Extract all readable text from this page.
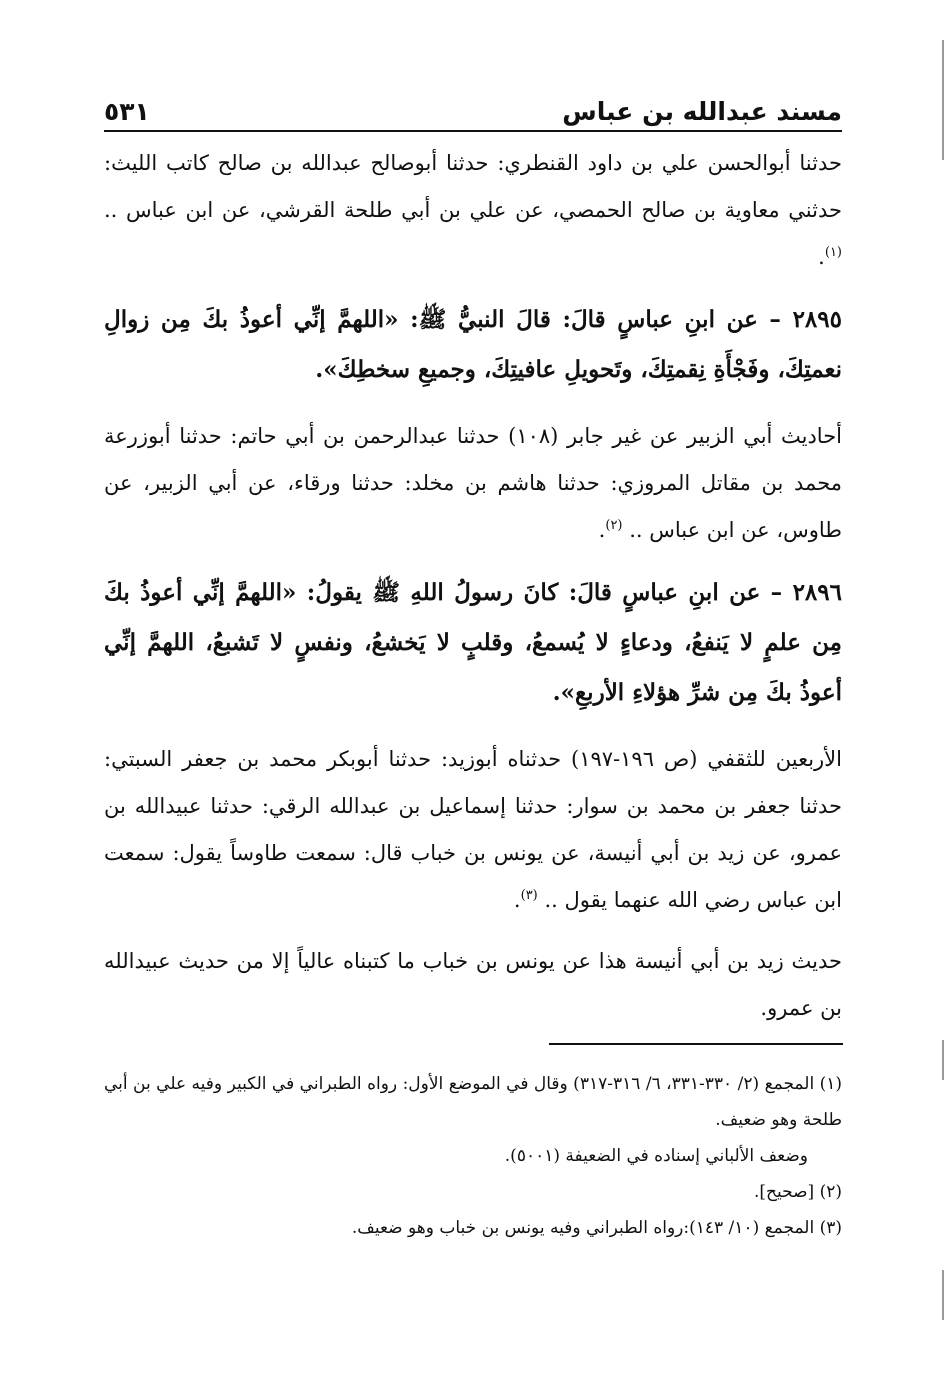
مسند عبدالله بن عباس
٥٣١

حدثنا أبوالحسن علي بن داود القنطري: حدثنا أبوصالح عبدالله بن صالح كاتب الليث: حدثني معاوية بن صالح الحمصي، عن علي بن أبي طلحة القرشي، عن ابن عباس .. $^{(١)}$.

٢٨٩٥ – عن ابنِ عباسٍ قالَ: قالَ النبيُّ ﷺ: «اللهمَّ إنِّي أعوذُ بكَ مِن زوالِ نعمتِكَ، وفَجْأَةِ نِقمتِكَ، وتَحويلِ عافيتِكَ، وجميعِ سخطِكَ».

أحاديث أبي الزبير عن غير جابر (١٠٨) حدثنا عبدالرحمن بن أبي حاتم: حدثنا أبوزرعة محمد بن مقاتل المروزي: حدثنا هاشم بن مخلد: حدثنا ورقاء، عن أبي الزبير، عن طاوس، عن ابن عباس .. $^{(٢)}$.

٢٨٩٦ – عن ابنِ عباسٍ قالَ: كانَ رسولُ اللهِ ﷺ يقولُ: «اللهمَّ إنِّي أعوذُ بكَ مِن علمٍ لا يَنفعُ، ودعاءٍ لا يُسمعُ، وقلبٍ لا يَخشعُ، ونفسٍ لا تَشبعُ، اللهمَّ إنِّي أعوذُ بكَ مِن شرِّ هؤلاءِ الأربعِ».

الأربعين للثقفي (ص ١٩٦-١٩٧) حدثناه أبوزيد: حدثنا أبوبكر محمد بن جعفر السبتي: حدثنا جعفر بن محمد بن سوار: حدثنا إسماعيل بن عبدالله الرقي: حدثنا عبيدالله بن عمرو، عن زيد بن أبي أنيسة، عن يونس بن خباب قال: سمعت طاوساً يقول: سمعت ابن عباس رضي الله عنهما يقول .. $^{(٣)}$.

حديث زيد بن أبي أنيسة هذا عن يونس بن خباب ما كتبناه عالياً إلا من حديث عبيدالله بن عمرو.

(١) المجمع (٢/ ٣٣٠-٣٣١، ٦/ ٣١٦-٣١٧) وقال في الموضع الأول: رواه الطبراني في الكبير وفيه علي بن أبي طلحة وهو ضعيف.

وضعف الألباني إسناده في الضعيفة (٥٠٠١).

(٢) [صحيح].

(٣) المجمع (١٠/ ١٤٣):رواه الطبراني وفيه يونس بن خباب وهو ضعيف.
